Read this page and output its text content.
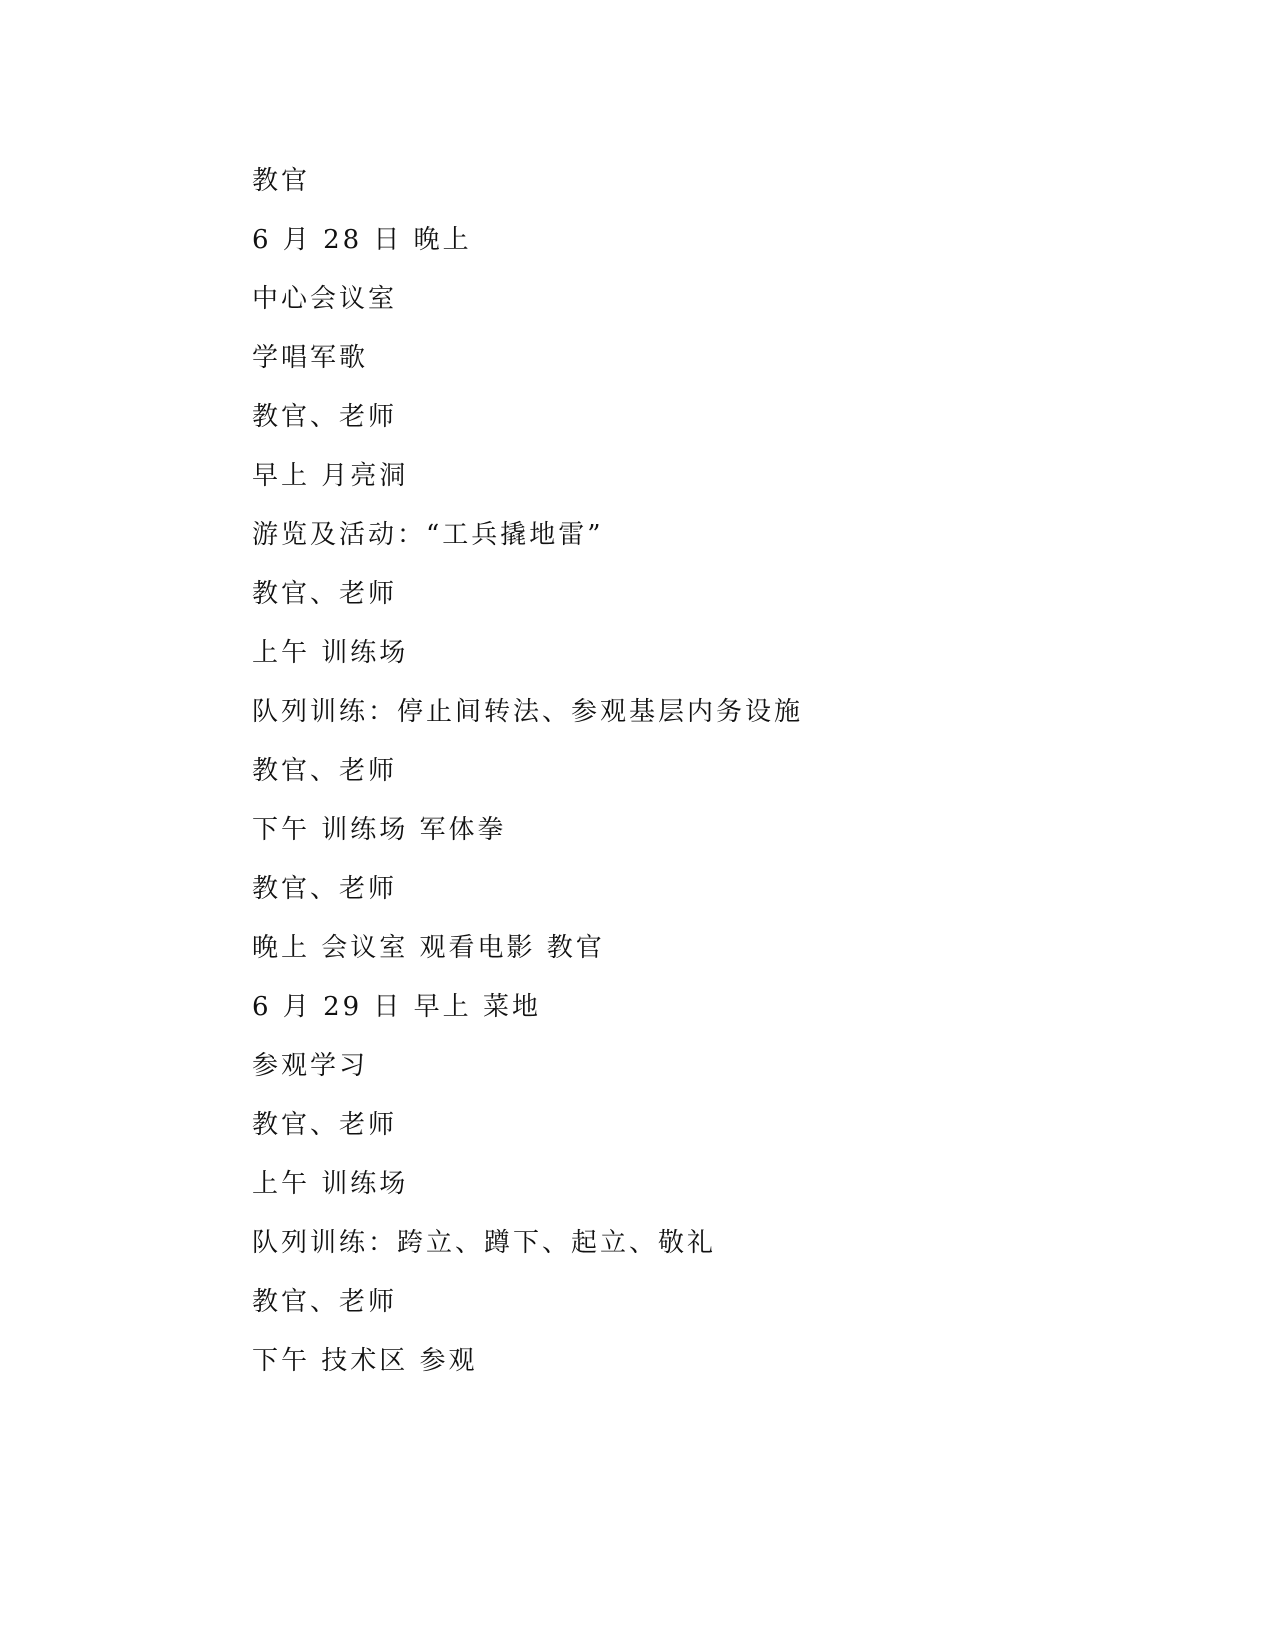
教官
6 月 28 日 晚上
中心会议室
学唱军歌
教官、老师
早上 月亮洞
游览及活动：“工兵撬地雷”
教官、老师
上午 训练场
队列训练：停止间转法、参观基层内务设施
教官、老师
下午 训练场 军体拳
教官、老师
晚上 会议室 观看电影 教官
6 月 29 日 早上 菜地
参观学习
教官、老师
上午 训练场
队列训练：跨立、蹲下、起立、敬礼
教官、老师
下午 技术区 参观
